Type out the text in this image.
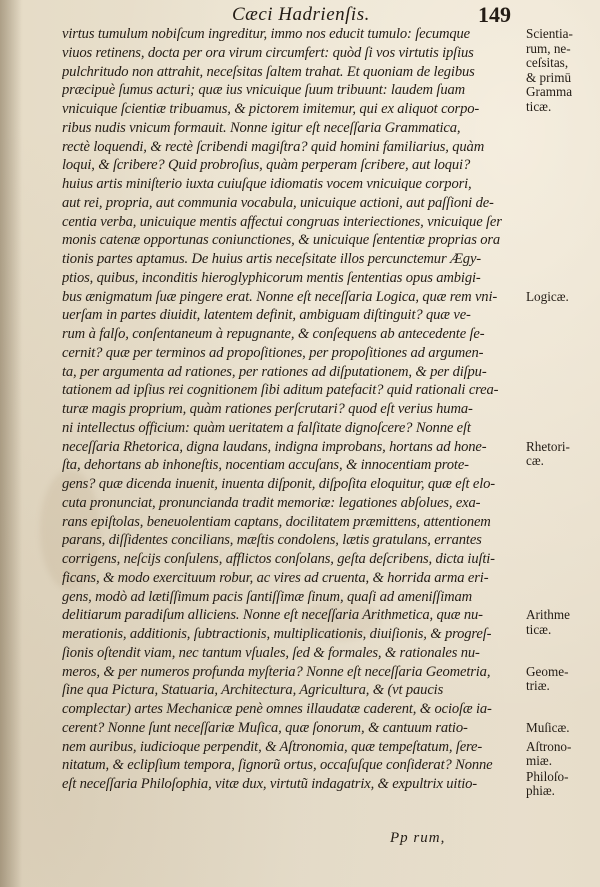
Cæci Hadrienſis.	149
virtus tumulum nobiſcum ingreditur, immo nos educit tumulo: ſecumque
viuos retinens, docta per ora virum circumfert: quòd ſi vos virtutis ipſius
pulchritudo non attrahit, neceſsitas ſaltem trahat. Et quoniam de legibus
præcipuè ſumus acturi; quæ ius vnicuique ſuum tribuunt: laudem ſuam
vnicuique ſcientiæ tribuamus, & pictorem imitemur, qui ex aliquot corpo-
ribus nudis vnicum formauit. Nonne igitur eſt neceſſaria Grammatica,
rectè loquendi, & rectè ſcribendi magiſtra? quid homini familiarius, quàm
loqui, & ſcribere? Quid probroſius, quàm perperam ſcribere, aut loqui?
huius artis miniſterio iuxta cuiuſque idiomatis vocem vnicuique corpori,
aut rei, propria, aut communia vocabula, unicuique actioni, aut paſſioni de-
centia verba, unicuique mentis affectui congruas interiectiones, vnicuique ſer
monis catenæ opportunas coniunctiones, & unicuique ſententiæ proprias ora
tionis partes aptamus. De huius artis neceſsitate illos percunctemur Ægy-
ptios, quibus, inconditis hieroglyphicorum mentis ſententias opus ambigi-
bus ænigmatum ſuæ pingere erat. Nonne eſt neceſſaria Logica, quæ rem vni-
uerſam in partes diuidit, latentem definit, ambiguam diſtinguit? quæ ve-
rum à falſo, conſentaneum à repugnante, & conſequens ab antecedente ſe-
cernit? quæ per terminos ad propoſitiones, per propoſitiones ad argumen-
ta, per argumenta ad rationes, per rationes ad diſputationem, & per diſpu-
tationem ad ipſius rei cognitionem ſibi aditum patefacit? quid rationali crea-
turæ magis proprium, quàm rationes perſcrutari? quod eſt verius huma-
ni intellectus officium: quàm ueritatem a falſitate dignoſcere? Nonne eſt
neceſſaria Rhetorica, digna laudans, indigna improbans, hortans ad hone-
ſta, dehortans ab inhoneſtis, nocentiam accuſans, & innocentiam prote-
gens? quæ dicenda inuenit, inuenta diſponit, diſpoſita eloquitur, quæ eſt elo-
cuta pronunciat, pronuncianda tradit memoriæ: legationes abſolues, exa-
rans epiſtolas, beneuolentiam captans, docilitatem præmittens, attentionem
parans, diſſidentes concilians, mæſtis condolens, lætis gratulans, errantes
corrigens, neſcijs conſulens, afflictos conſolans, geſta deſcribens, dicta iuſti-
ficans, & modo exercituum robur, ac vires ad cruenta, & horrida arma eri-
gens, modò ad lætiſſimum pacis ſantiſſimæ ſinum, quaſi ad ameniſſimam
delitiarum paradiſum alliciens. Nonne eſt neceſſaria Arithmetica, quæ nu-
merationis, additionis, ſubtractionis, multiplicationis, diuiſionis, & progreſ-
ſionis oſtendit viam, nec tantum vſuales, ſed & formales, & rationales nu-
meros, & per numeros profunda myſteria? Nonne eſt neceſſaria Geometria,
ſine qua Pictura, Statuaria, Architectura, Agricultura, & (vt paucis
complectar) artes Mechanicæ penè omnes illaudatæ caderent, & ocioſæ ia-
cerent? Nonne ſunt neceſſariæ Muſica, quæ ſonorum, & cantuum ratio-
nem auribus, iudicioque perpendit, & Aſtronomia, quæ tempeſtatum, ſere-
nitatum, & eclipſium tempora, ſignorũ ortus, occaſuſque conſiderat? Nonne
eſt neceſſaria Philoſophia, vitæ dux, virtutũ indagatrix, & expultrix uitio-
Scientia-
rum, ne-
ceſsitas,
& primū
Gramma
ticæ.
Logicæ.
Rhetori-
cæ.
Arithme
ticæ.
Geome-
triæ.
Muſicæ.
Aſtrono-
miæ.
Philoſo-
phiæ.
Pp rum,
